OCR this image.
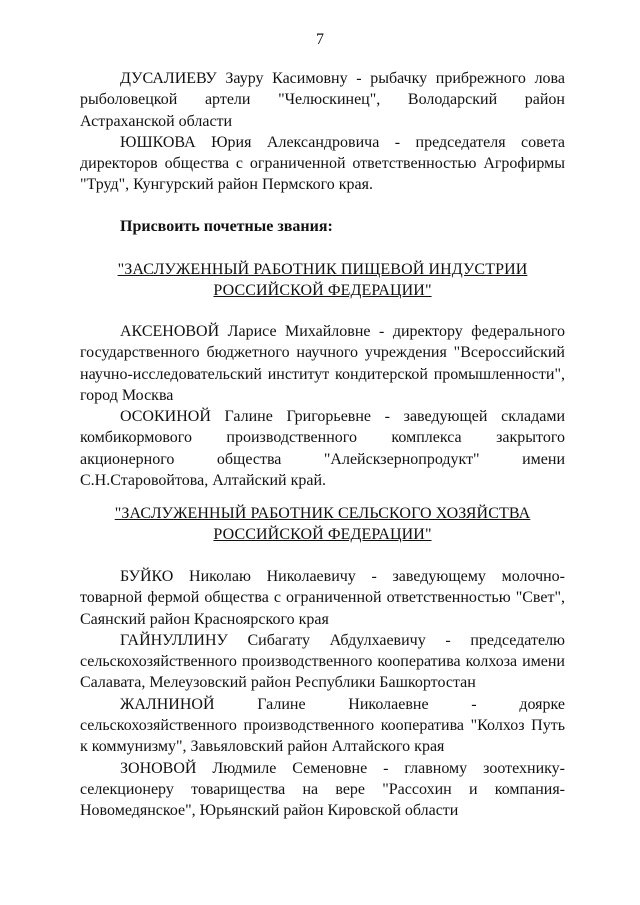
7

ДУСАЛИЕВУ Зауру Касимовну - рыбачку прибрежного лова рыболовецкой артели "Челюскинец", Володарский район Астраханской области

ЮШКОВА Юрия Александровича - председателя совета директоров общества с ограниченной ответственностью Агрофирмы "Труд", Кунгурский район Пермского края.

Присвоить почетные звания:
"ЗАСЛУЖЕННЫЙ РАБОТНИК ПИЩЕВОЙ ИНДУСТРИИ
РОССИЙСКОЙ ФЕДЕРАЦИИ"

АКСЕНОВОЙ Ларисе Михайловне - директору федерального государственного бюджетного научного учреждения "Всероссийский научно-исследовательский институт кондитерской промышленности", город Москва

ОСОКИНОЙ Галине Григорьевне - заведующей складами комбикормового производственного комплекса закрытого акционерного общества "Алейскзернопродукт" имени С.Н.Старовойтова, Алтайский край.

"ЗАСЛУЖЕННЫЙ РАБОТНИК СЕЛЬСКОГО ХОЗЯЙСТВА
РОССИЙСКОЙ ФЕДЕРАЦИИ"

БУЙКО Николаю Николаевичу - заведующему молочно-товарной фермой общества с ограниченной ответственностью "Свет", Саянский район Красноярского края

ГАЙНУЛЛИНУ Сибагату Абдулхаевичу - председателю сельскохозяйственного производственного кооператива колхоза имени Салавата, Мелеузовский район Республики Башкортостан

ЖАЛНИНОЙ Галине Николаевне - доярке сельскохозяйственного производственного кооператива "Колхоз Путь к коммунизму", Завьяловский район Алтайского края

ЗОНОВОЙ Людмиле Семеновне - главному зоотехнику-селекционеру товарищества на вере "Рассохин и компания-Новомедянское", Юрьянский район Кировской области
